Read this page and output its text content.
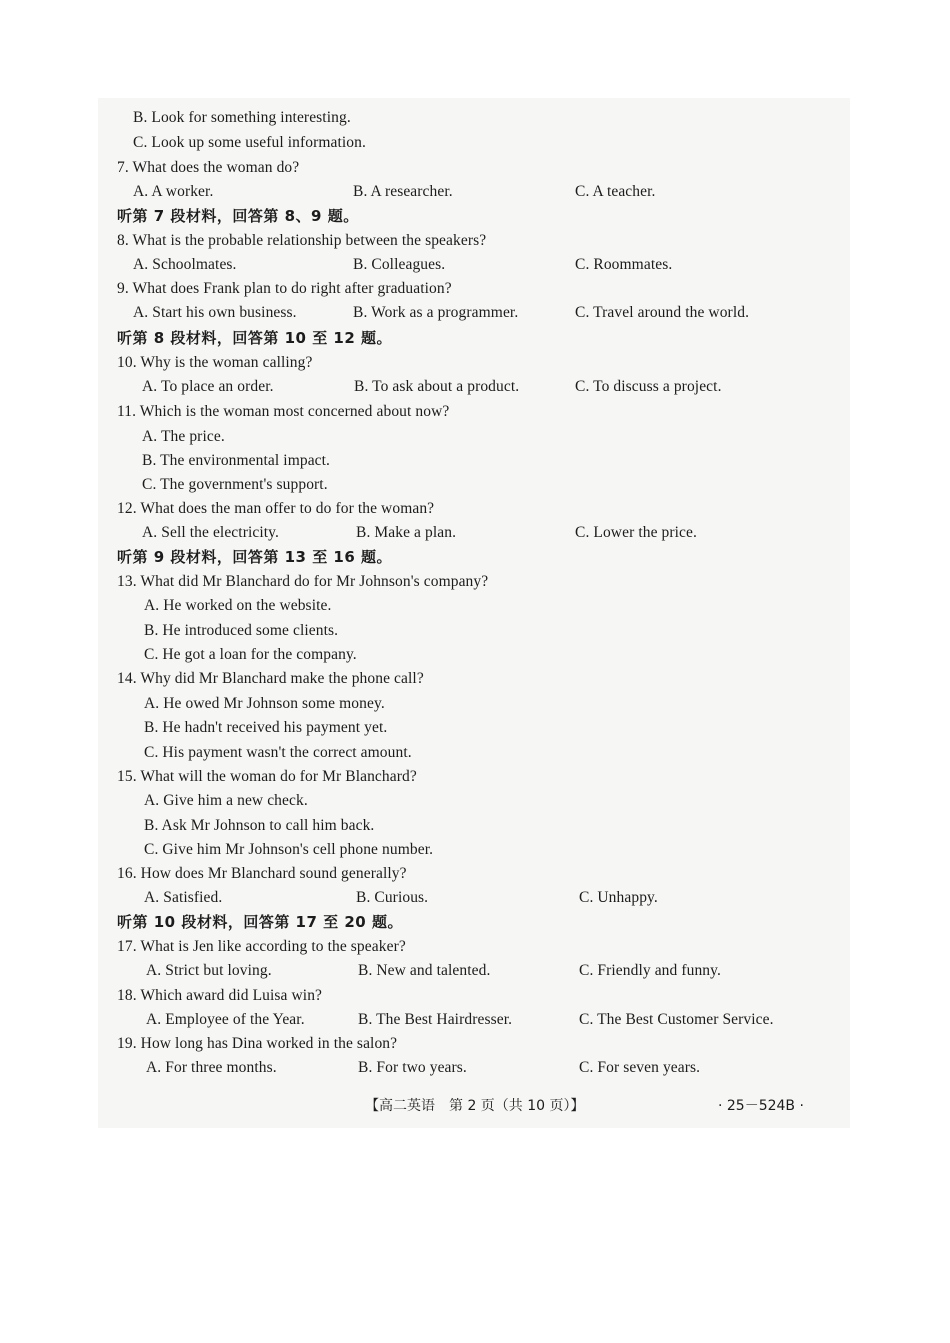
B. Look for something interesting.
C. Look up some useful information.
7. What does the woman do?
A. A worker.	B. A researcher.	C. A teacher.
听第 7 段材料，回答第 8、9 题。
8. What is the probable relationship between the speakers?
A. Schoolmates.	B. Colleagues.	C. Roommates.
9. What does Frank plan to do right after graduation?
A. Start his own business.	B. Work as a programmer.	C. Travel around the world.
听第 8 段材料，回答第 10 至 12 题。
10. Why is the woman calling?
A. To place an order.	B. To ask about a product.	C. To discuss a project.
11. Which is the woman most concerned about now?
A. The price.
B. The environmental impact.
C. The government's support.
12. What does the man offer to do for the woman?
A. Sell the electricity.	B. Make a plan.	C. Lower the price.
听第 9 段材料，回答第 13 至 16 题。
13. What did Mr Blanchard do for Mr Johnson's company?
A. He worked on the website.
B. He introduced some clients.
C. He got a loan for the company.
14. Why did Mr Blanchard make the phone call?
A. He owed Mr Johnson some money.
B. He hadn't received his payment yet.
C. His payment wasn't the correct amount.
15. What will the woman do for Mr Blanchard?
A. Give him a new check.
B. Ask Mr Johnson to call him back.
C. Give him Mr Johnson's cell phone number.
16. How does Mr Blanchard sound generally?
A. Satisfied.	B. Curious.	C. Unhappy.
听第 10 段材料，回答第 17 至 20 题。
17. What is Jen like according to the speaker?
A. Strict but loving.	B. New and talented.	C. Friendly and funny.
18. Which award did Luisa win?
A. Employee of the Year.	B. The Best Hairdresser.	C. The Best Customer Service.
19. How long has Dina worked in the salon?
A. For three months.	B. For two years.	C. For seven years.
【高二英语　第 2 页（共 10 页）】	· 25－524B ·
